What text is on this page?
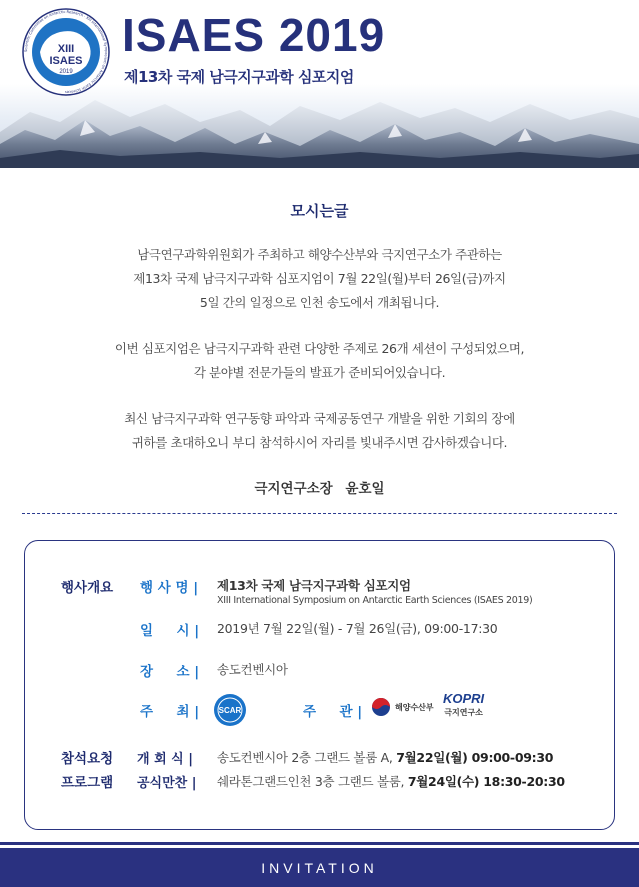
XIII
ISAES
2019
Scientific Committee on Antarctic Research · XIII International Symposium on Antarctic Earth Sciences
ISAES 2019
제13차 국제 남극지구과학 심포지엄
모시는글
남극연구과학위원회가 주최하고 해양수산부와 극지연구소가 주관하는
제13차 국제 남극지구과학 심포지엄이 7월 22일(월)부터 26일(금)까지
5일 간의 일정으로 인천 송도에서 개최됩니다.
이번 심포지엄은 남극지구과학 관련 다양한 주제로 26개 세션이 구성되었으며,
각 분야별 전문가들의 발표가 준비되어있습니다.
최신 남극지구과학 연구동향 파악과 국제공동연구 개발을 위한 기회의 장에
귀하를 초대하오니 부디 참석하시어 자리를 빛내주시면 감사하겠습니다.
극지연구소장 윤호일
행사개요 행 사 명 | 제13차 국제 남극지구과학 심포지엄
XIII International Symposium on Antarctic Earth Sciences (ISAES 2019)
일     시 | 2019년 7월 22일(월) - 7월 26일(금), 09:00-17:30
장     소 | 송도컨벤시아
주     최 | SCAR	주     관 |	해양수산부
KOPRI
극지연구소
참석요청
프로그램
개 회 식 | 송도컨벤시아 2층 그랜드 볼룸 A, 7월22일(월) 09:00-09:30
공식만찬 | 쉐라톤그랜드인천 3층 그랜드 볼룸, 7월24일(수) 18:30-20:30
INVITATION
